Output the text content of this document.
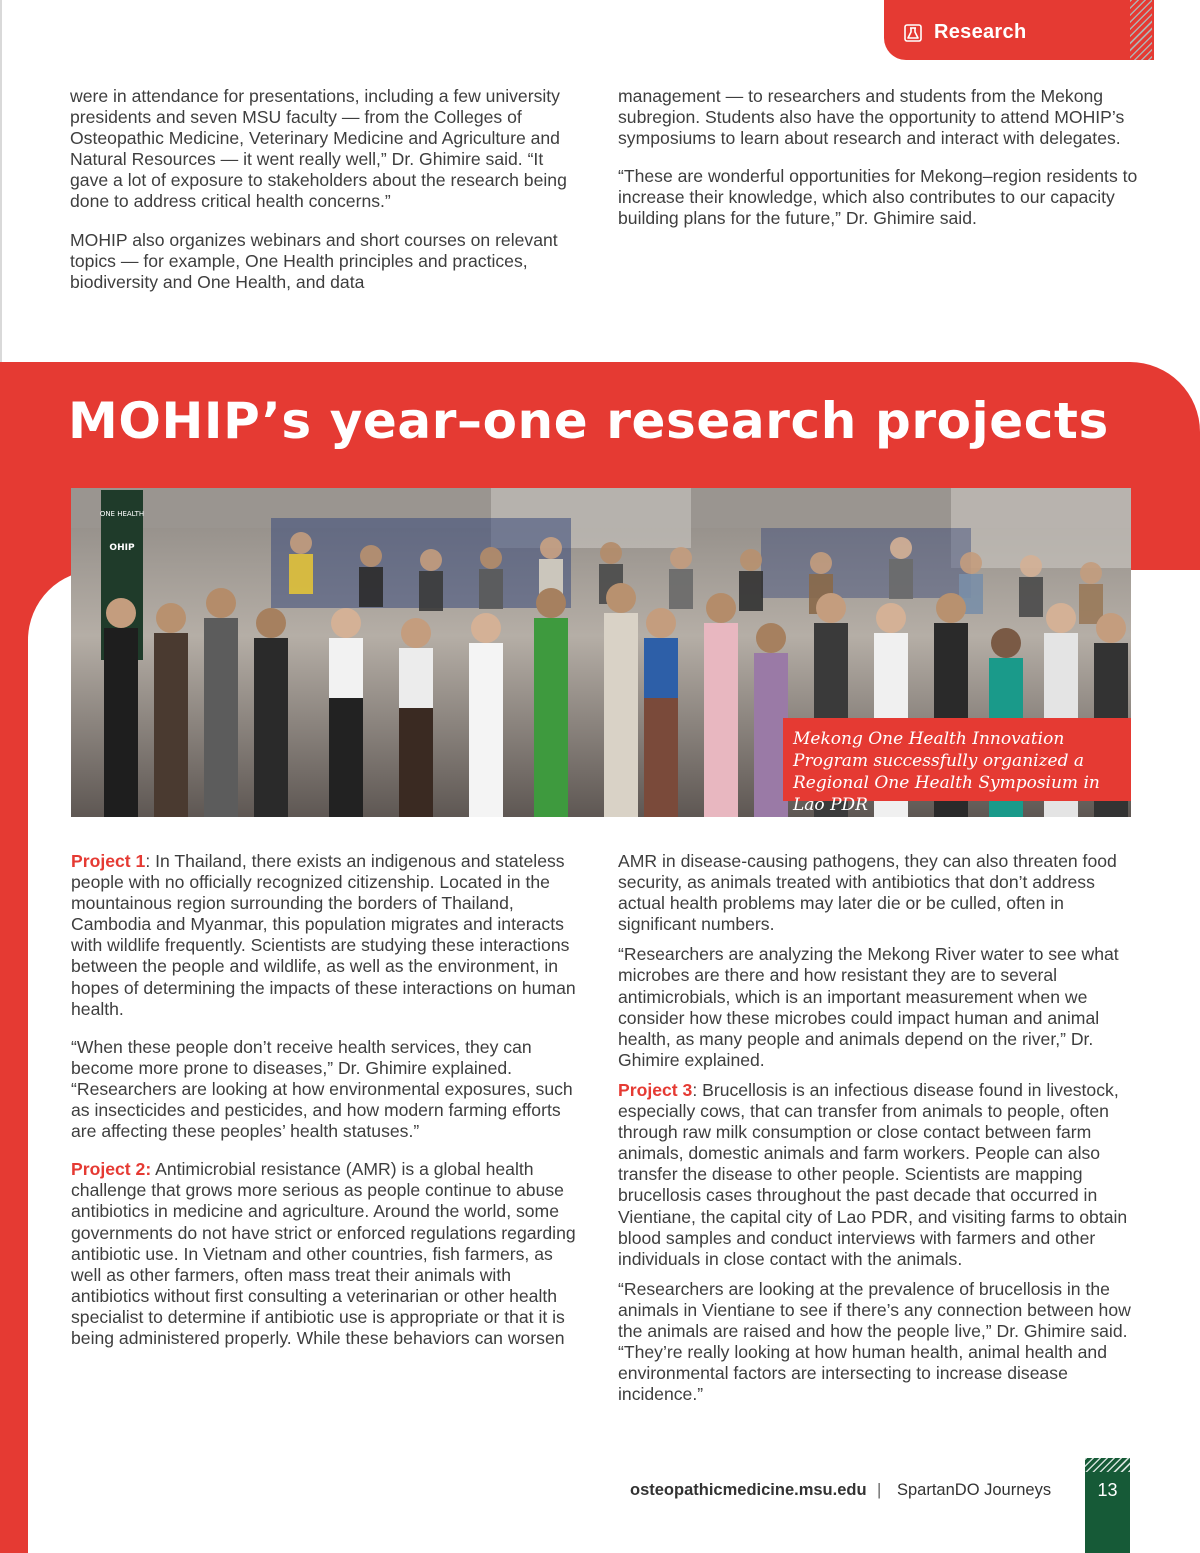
Research

were in attendance for presentations, including a few university presidents and seven MSU faculty — from the Colleges of Osteopathic Medicine, Veterinary Medicine and Agriculture and Natural Resources — it went really well,” Dr. Ghimire said. “It gave a lot of exposure to stakeholders about the research being done to address critical health concerns.”

MOHIP also organizes webinars and short courses on relevant topics — for example, One Health principles and practices, biodiversity and One Health, and data

management — to researchers and students from the Mekong subregion. Students also have the opportunity to attend MOHIP’s symposiums to learn about research and interact with delegates.

“These are wonderful opportunities for Mekong–region residents to increase their knowledge, which also contributes to our capacity building plans for the future,” Dr. Ghimire said.

MOHIP’s year–one research projects
ONE HEALTH
OHIP
Mekong One Health Innovation Program successfully organized a Regional One Health Symposium in Lao PDR

Project 1: In Thailand, there exists an indigenous and stateless people with no officially recognized citizenship. Located in the mountainous region surrounding the borders of Thailand, Cambodia and Myanmar, this population migrates and interacts with wildlife frequently. Scientists are studying these interactions between the people and wildlife, as well as the environment, in hopes of determining the impacts of these interactions on human health.

“When these people don’t receive health services, they can become more prone to diseases,” Dr. Ghimire explained. “Researchers are looking at how environmental exposures, such as insecticides and pesticides, and how modern farming efforts are affecting these peoples’ health statuses.”

Project 2: Antimicrobial resistance (AMR) is a global health challenge that grows more serious as people continue to abuse antibiotics in medicine and agriculture. Around the world, some governments do not have strict or enforced regulations regarding antibiotic use. In Vietnam and other countries, fish farmers, as well as other farmers, often mass treat their animals with antibiotics without first consulting a veterinarian or other health specialist to determine if antibiotic use is appropriate or that it is being administered properly. While these behaviors can worsen

AMR in disease-causing pathogens, they can also threaten food security, as animals treated with antibiotics that don’t address actual health problems may later die or be culled, often in significant numbers.

“Researchers are analyzing the Mekong River water to see what microbes are there and how resistant they are to several antimicrobials, which is an important measurement when we consider how these microbes could impact human and animal health, as many people and animals depend on the river,” Dr. Ghimire explained.

Project 3: Brucellosis is an infectious disease found in livestock, especially cows, that can transfer from animals to people, often through raw milk consumption or close contact between farm animals, domestic animals and farm workers. People can also transfer the disease to other people. Scientists are mapping brucellosis cases throughout the past decade that occurred in Vientiane, the capital city of Lao PDR, and visiting farms to obtain blood samples and conduct interviews with farmers and other individuals in close contact with the animals.

“Researchers are looking at the prevalence of brucellosis in the animals in Vientiane to see if there’s any connection between how the animals are raised and how the people live,” Dr. Ghimire said. “They’re really looking at how human health, animal health and environmental factors are intersecting to increase disease incidence.”

osteopathicmedicine.msu.edu | SpartanDO Journeys	13
